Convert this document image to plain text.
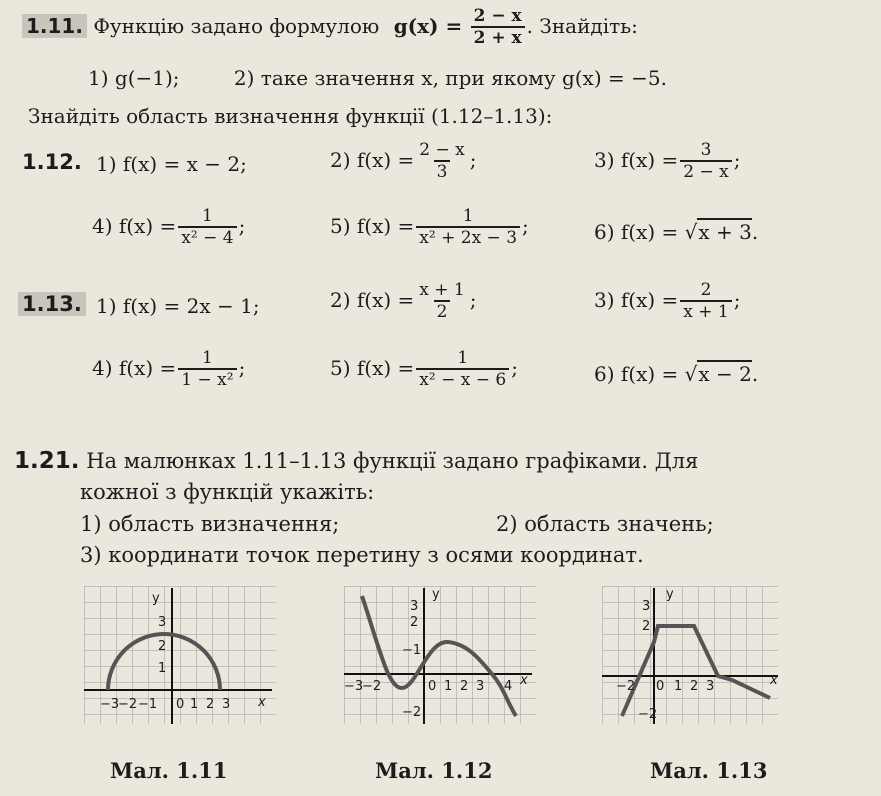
1.11. Функцію задано формулою $g(x) = \frac{2 - x}{2 + x}$ . Знайдіть:
1) g(−1);	2) таке значення x, при якому g(x) = −5.
Знайдіть область визначення функції (1.12–1.13):
1.12. 1) f(x) = x − 2;	2) $f(x) = \frac{2 - x}{3}$ ;	3) $f(x) = \frac{3}{2 - x}$ ;
4) $f(x) = \frac{1}{\text{x² − 4}}$ ;	5) $f(x) = \frac{1}{\text{x² + 2x − 3}}$ ;	6) f(x) = √x + 3.
1.13. 1) f(x) = 2x − 1;	2) $f(x) = \frac{x + 1}{2}$ ;	3) $f(x) = \frac{2}{x + 1}$ ;
4) $f(x) = \frac{1}{\text{1 − x²}}$ ;	5) $f(x) = \frac{1}{\text{x² − x − 6}}$ ;	6) f(x) = √x − 2.
1.21. На малюнках 1.11–1.13 функції задано графіками. Для
кожної з функцій укажіть:
1) область визначення;	2) область значень;
3) координати точок перетину з осями координат.
y
x
3
2
1
−3
−2 −1 0 1 2 3
y
x
3
2
−1
−2
−3
−2	0 1 2 3 4
y
x
3
2
−2
−2 0 1 2 3
Мал. 1.11	Мал. 1.12	Мал. 1.13
